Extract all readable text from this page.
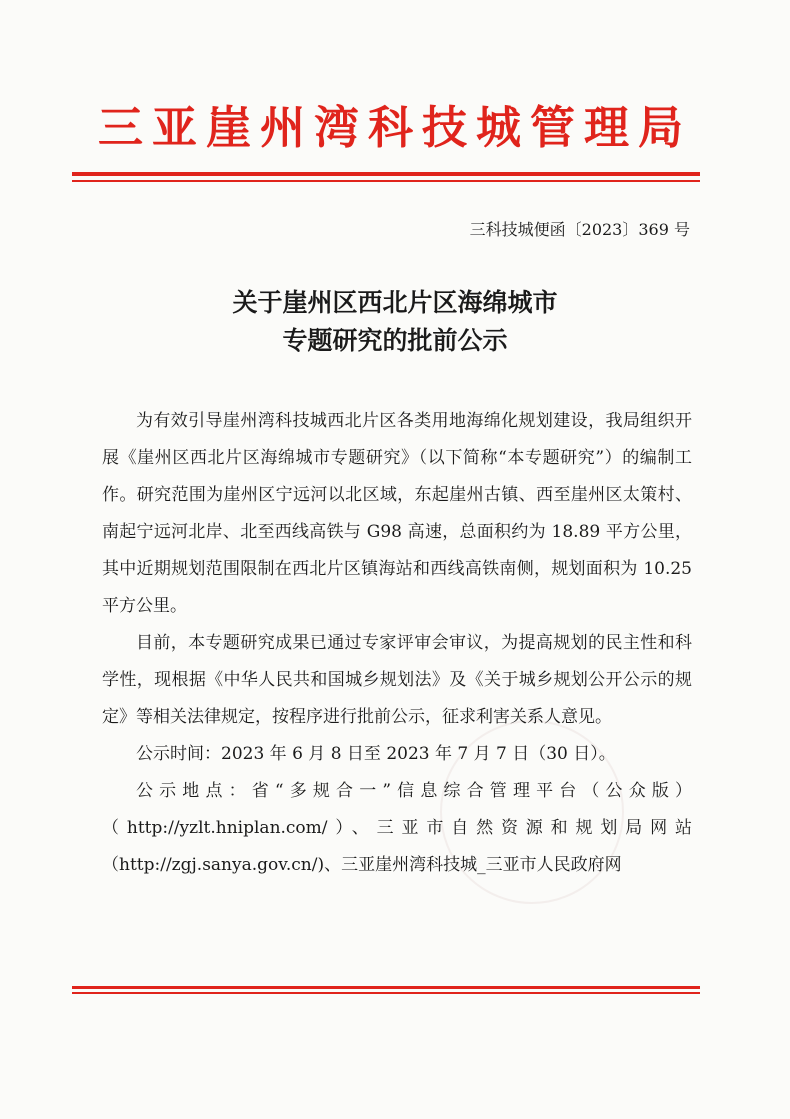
三亚崖州湾科技城管理局
三科技城便函〔2023〕369 号
关于崖州区西北片区海绵城市
专题研究的批前公示

为有效引导崖州湾科技城西北片区各类用地海绵化规划建设，我局组织开展《崖州区西北片区海绵城市专题研究》（以下简称“本专题研究”）的编制工作。研究范围为崖州区宁远河以北区域，东起崖州古镇、西至崖州区太策村、南起宁远河北岸、北至西线高铁与 G98 高速，总面积约为 18.89 平方公里，其中近期规划范围限制在西北片区镇海站和西线高铁南侧，规划面积为 10.25 平方公里。

目前，本专题研究成果已通过专家评审会审议，为提高规划的民主性和科学性，现根据《中华人民共和国城乡规划法》及《关于城乡规划公开公示的规定》等相关法律规定，按程序进行批前公示，征求利害关系人意见。

公示时间：2023 年 6 月 8 日至 2023 年 7 月 7 日（30 日）。

公示地点：省“多规合一”信息综合管理平台（公众版）（http://yzlt.hniplan.com/）、三亚市自然资源和规划局网站（http://zgj.sanya.gov.cn/)、三亚崖州湾科技城_三亚市人民政府网
